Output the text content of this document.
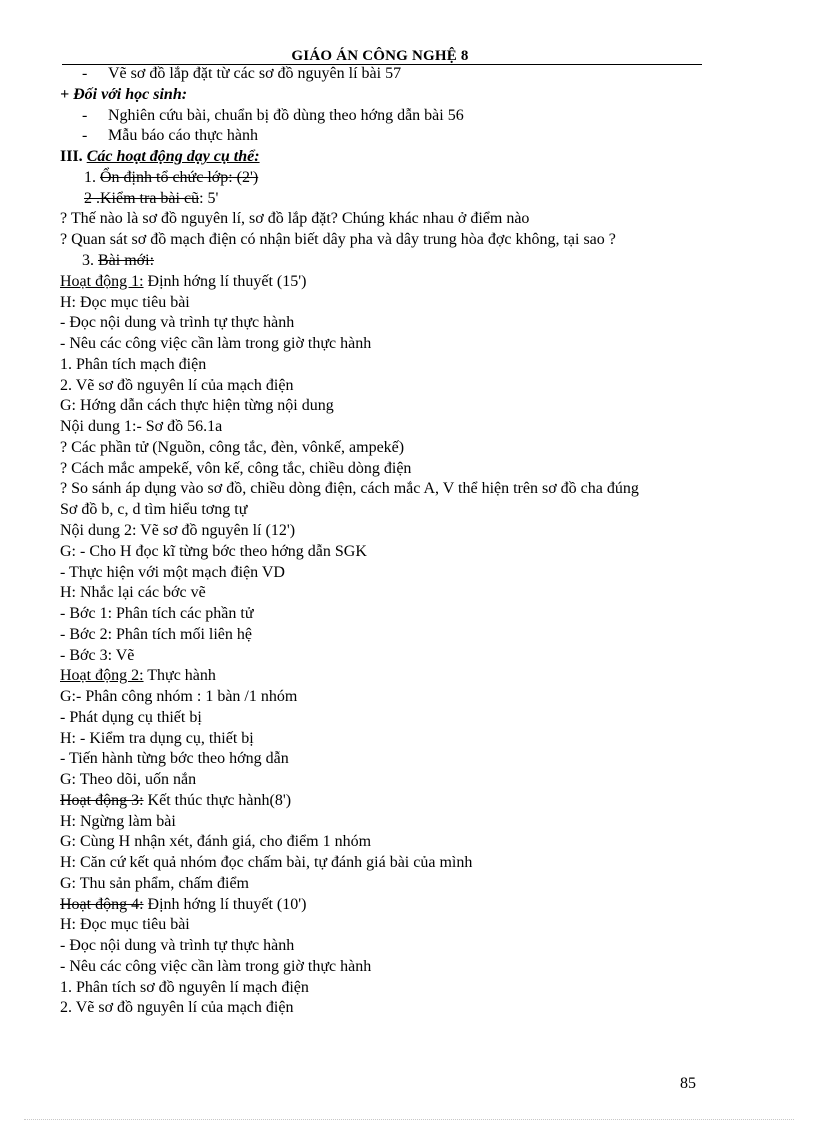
GIÁO ÁN CÔNG NGHỆ 8
- Vẽ sơ đồ lắp đặt từ các sơ đồ nguyên lí bài 57
+ Đối với học sinh:
- Nghiên cứu bài, chuẩn bị đồ dùng theo hớng dẫn bài 56
- Mẫu báo cáo thực hành
III. Các hoạt động dạy cụ thể:
1. Ổn định tổ chức lớp: (2')
2 .Kiểm tra bài cũ: 5'
? Thế nào là sơ đồ nguyên lí, sơ đồ lắp đặt? Chúng khác nhau ở điểm nào
? Quan sát sơ đồ mạch điện có nhận biết dây pha và dây trung hòa đợc không, tại sao ?
3. Bài mới:
Hoạt động 1: Định hớng lí thuyết (15')
H: Đọc mục tiêu bài
- Đọc nội dung và trình tự thực hành
- Nêu các công việc cần làm trong giờ thực hành
1. Phân tích mạch điện
2. Vẽ sơ đồ nguyên lí của mạch điện
G: Hớng dẫn cách thực hiện từng nội dung
Nội dung 1:- Sơ đồ 56.1a
? Các phần tử (Nguồn, công tắc, đèn, vônkế, ampekế)
? Cách mắc ampekế, vôn kế, công tắc, chiều dòng điện
? So sánh áp dụng vào sơ đồ, chiều dòng điện, cách mắc A, V thể hiện trên sơ đồ cha đúng
Sơ đồ b, c, d tìm hiểu tơng tự
Nội dung 2: Vẽ sơ đồ nguyên lí (12')
G: - Cho H đọc kĩ từng bớc theo hớng dẫn SGK
- Thực hiện với một mạch điện VD
H: Nhắc lại các bớc vẽ
- Bớc 1: Phân tích các phần tử
- Bớc 2: Phân tích mối liên hệ
- Bớc 3: Vẽ
Hoạt động 2: Thực hành
G:- Phân công nhóm : 1 bàn /1 nhóm
- Phát dụng cụ thiết bị
H: - Kiểm tra dụng cụ, thiết bị
- Tiến hành từng bớc theo hớng dẫn
G: Theo dõi, uốn nắn
Hoạt động 3: Kết thúc thực hành(8')
H: Ngừng làm bài
G: Cùng H nhận xét, đánh giá, cho điểm 1 nhóm
H: Căn cứ kết quả nhóm đọc chấm bài, tự đánh giá bài của mình
G: Thu sản phẩm, chấm điểm
Hoạt động 4: Định hớng lí thuyết (10')
H: Đọc mục tiêu bài
- Đọc nội dung và trình tự thực hành
- Nêu các công việc cần làm trong giờ thực hành
1. Phân tích sơ đồ nguyên lí mạch điện
2. Vẽ sơ đồ nguyên lí của mạch điện
85
